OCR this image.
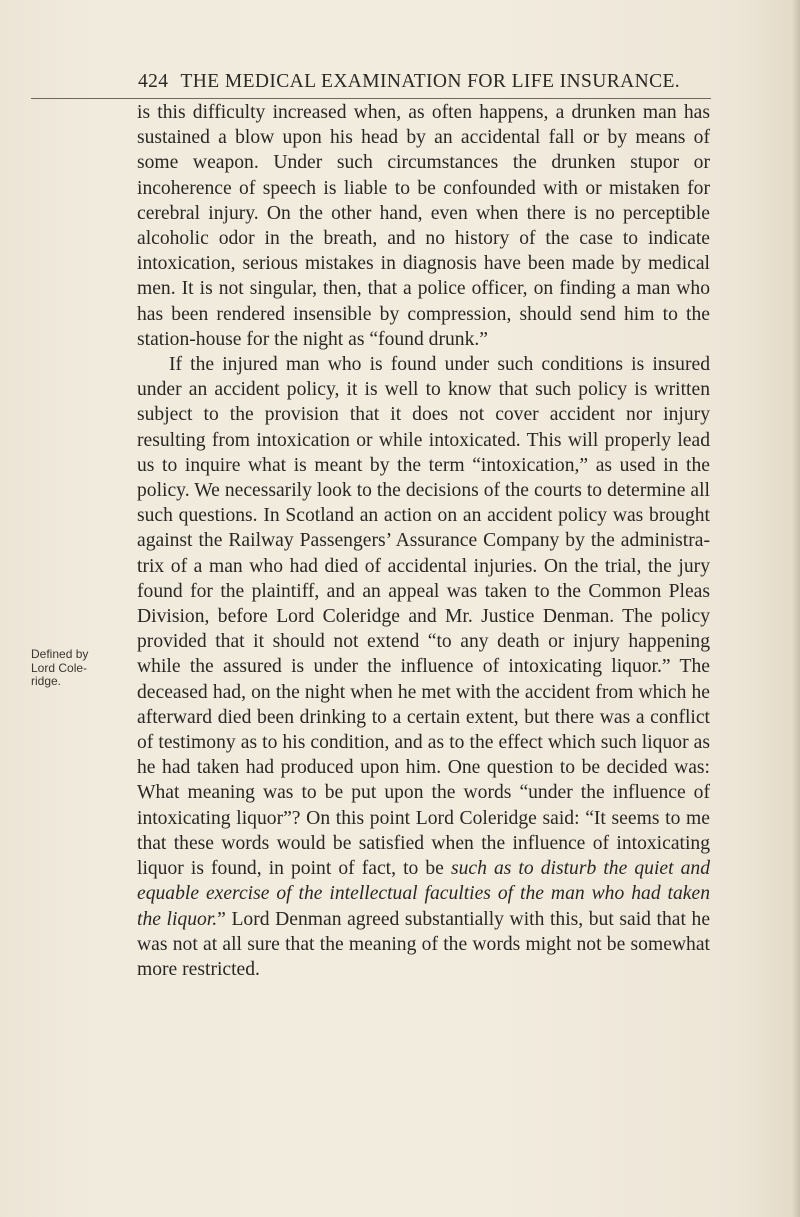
424 THE MEDICAL EXAMINATION FOR LIFE INSURANCE.
Defined by Lord Coleridge.

is this difficulty increased when, as often happens, a drunken man has sustained a blow upon his head by an accidental fall or by means of some weapon. Under such circumstances the drunken stupor or incoherence of speech is liable to be confounded with or mistaken for cerebral injury. On the other hand, even when there is no perceptible alcoholic odor in the breath, and no history of the case to indicate intoxication, serious mistakes in diagnosis have been made by medical men. It is not singular, then, that a police officer, on finding a man who has been rendered insensible by compression, should send him to the station-house for the night as “found drunk.”

If the injured man who is found under such conditions is insured under an accident policy, it is well to know that such policy is written subject to the provision that it does not cover accident nor injury resulting from intoxication or while intoxicated. This will properly lead us to inquire what is meant by the term “intoxication,” as used in the policy. We necessarily look to the decisions of the courts to determine all such questions. In Scotland an action on an accident policy was brought against the Railway Passengers’ Assurance Company by the administratrix of a man who had died of accidental injuries. On the trial, the jury found for the plaintiff, and an appeal was taken to the Common Pleas Division, before Lord Coleridge and Mr. Justice Denman. The policy provided that it should not extend “to any death or injury happening while the assured is under the influence of intoxicating liquor.” The deceased had, on the night when he met with the accident from which he afterward died been drinking to a certain extent, but there was a conflict of testimony as to his condition, and as to the effect which such liquor as he had taken had produced upon him. One question to be decided was: What meaning was to be put upon the words “under the influence of intoxicating liquor”? On this point Lord Coleridge said: “It seems to me that these words would be satisfied when the influence of intoxicating liquor is found, in point of fact, to be such as to disturb the quiet and equable exercise of the intellectual faculties of the man who had taken the liquor.” Lord Denman agreed substantially with this, but said that he was not at all sure that the meaning of the words might not be somewhat more restricted.
